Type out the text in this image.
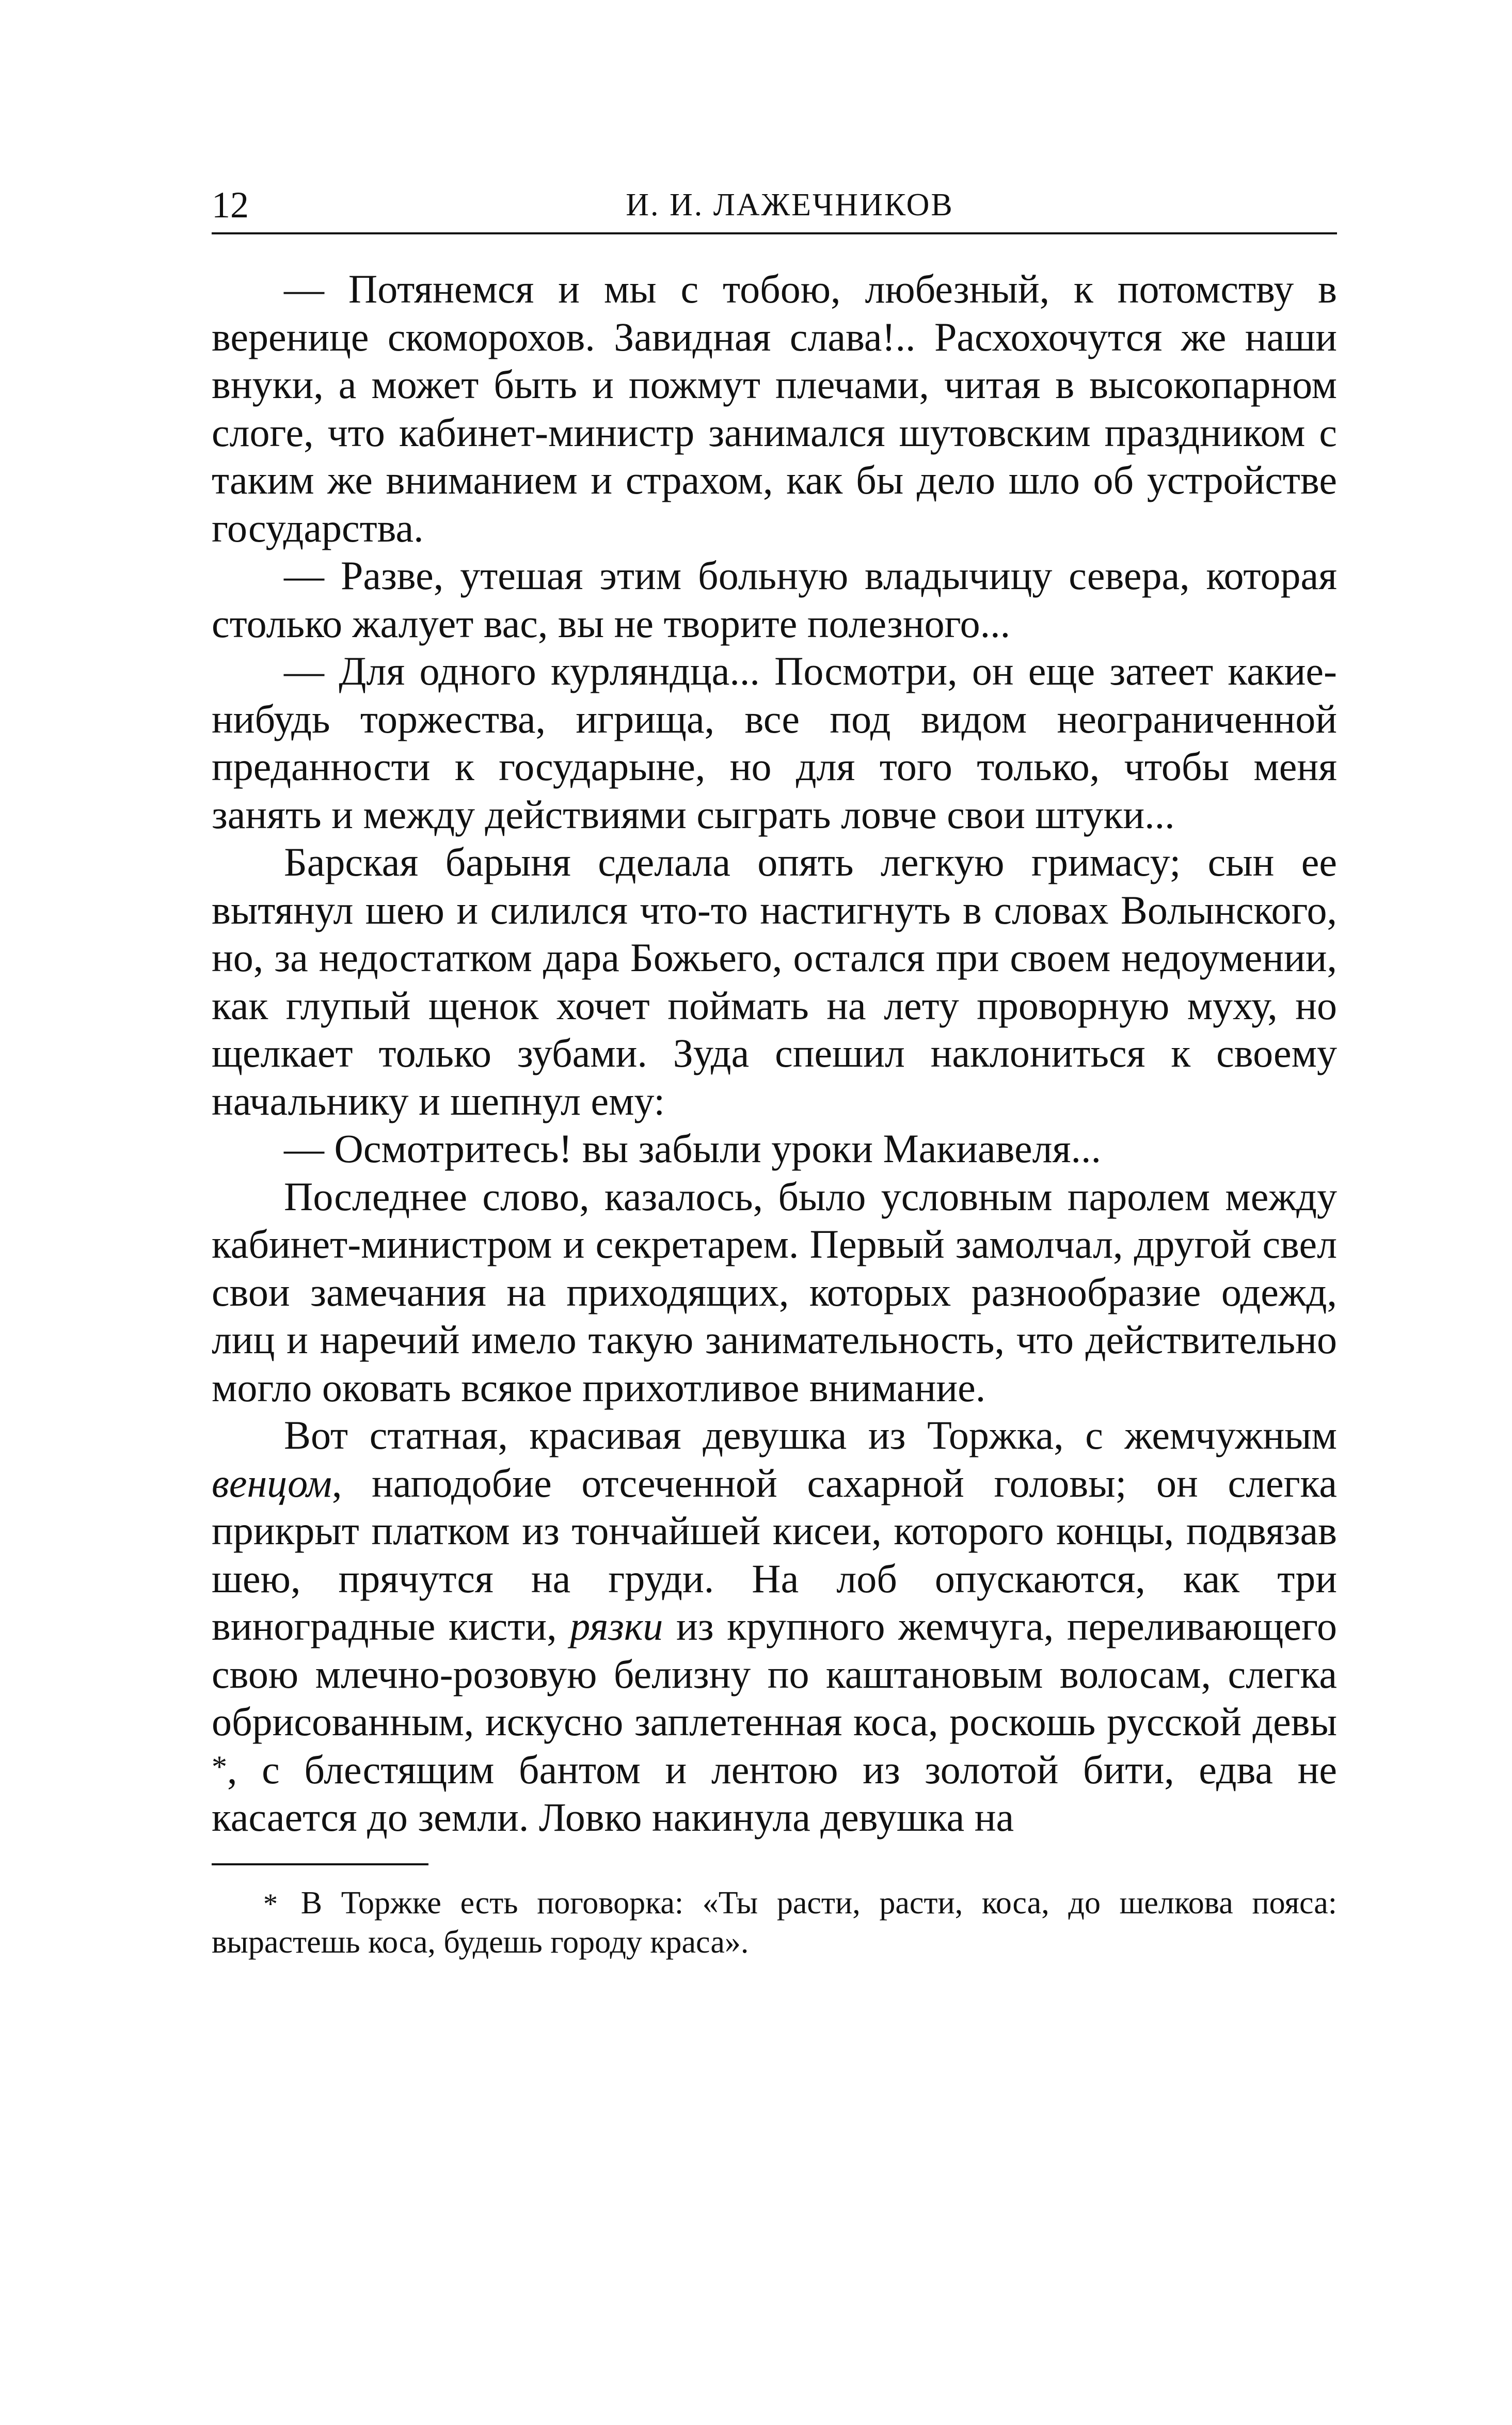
12	И. И. ЛАЖЕЧНИКОВ

— Потянемся и мы с тобою, любезный, к потомству в веренице скоморохов. Завидная слава!.. Расхохочутся же наши внуки, а может быть и пожмут плечами, читая в высокопарном слоге, что кабинет-министр занимался шутовским праздником с таким же вниманием и страхом, как бы дело шло об устройстве государства.

— Разве, утешая этим больную владычицу севера, которая столько жалует вас, вы не творите полезного...

— Для одного курляндца... Посмотри, он еще затеет какие-нибудь торжества, игрища, все под видом неограниченной преданности к государыне, но для того только, чтобы меня занять и между действиями сыграть ловче свои штуки...

Барская барыня сделала опять легкую гримасу; сын ее вытянул шею и силился что-то настигнуть в словах Волынского, но, за недостатком дара Божьего, остался при своем недоумении, как глупый щенок хочет поймать на лету проворную муху, но щелкает только зубами. Зуда спешил наклониться к своему начальнику и шепнул ему:

— Осмотритесь! вы забыли уроки Макиавеля...

Последнее слово, казалось, было условным паролем между кабинет-министром и секретарем. Первый замолчал, другой свел свои замечания на приходящих, которых разнообразие одежд, лиц и наречий имело такую занимательность, что действительно могло оковать всякое прихотливое внимание.

Вот статная, красивая девушка из Торжка, с жемчужным венцом, наподобие отсеченной сахарной головы; он слегка прикрыт платком из тончайшей кисеи, которого концы, подвязав шею, прячутся на груди. На лоб опускаются, как три виноградные кисти, рязки из крупного жемчуга, переливающего свою млечно-розовую белизну по каштановым волосам, слегка обрисованным, искусно заплетенная коса, роскошь русской девы *, с блестящим бантом и лентою из золотой бити, едва не касается до земли. Ловко накинула девушка на

* В Торжке есть поговорка: «Ты расти, расти, коса, до шелкова пояса: вырастешь коса, будешь городу краса».
